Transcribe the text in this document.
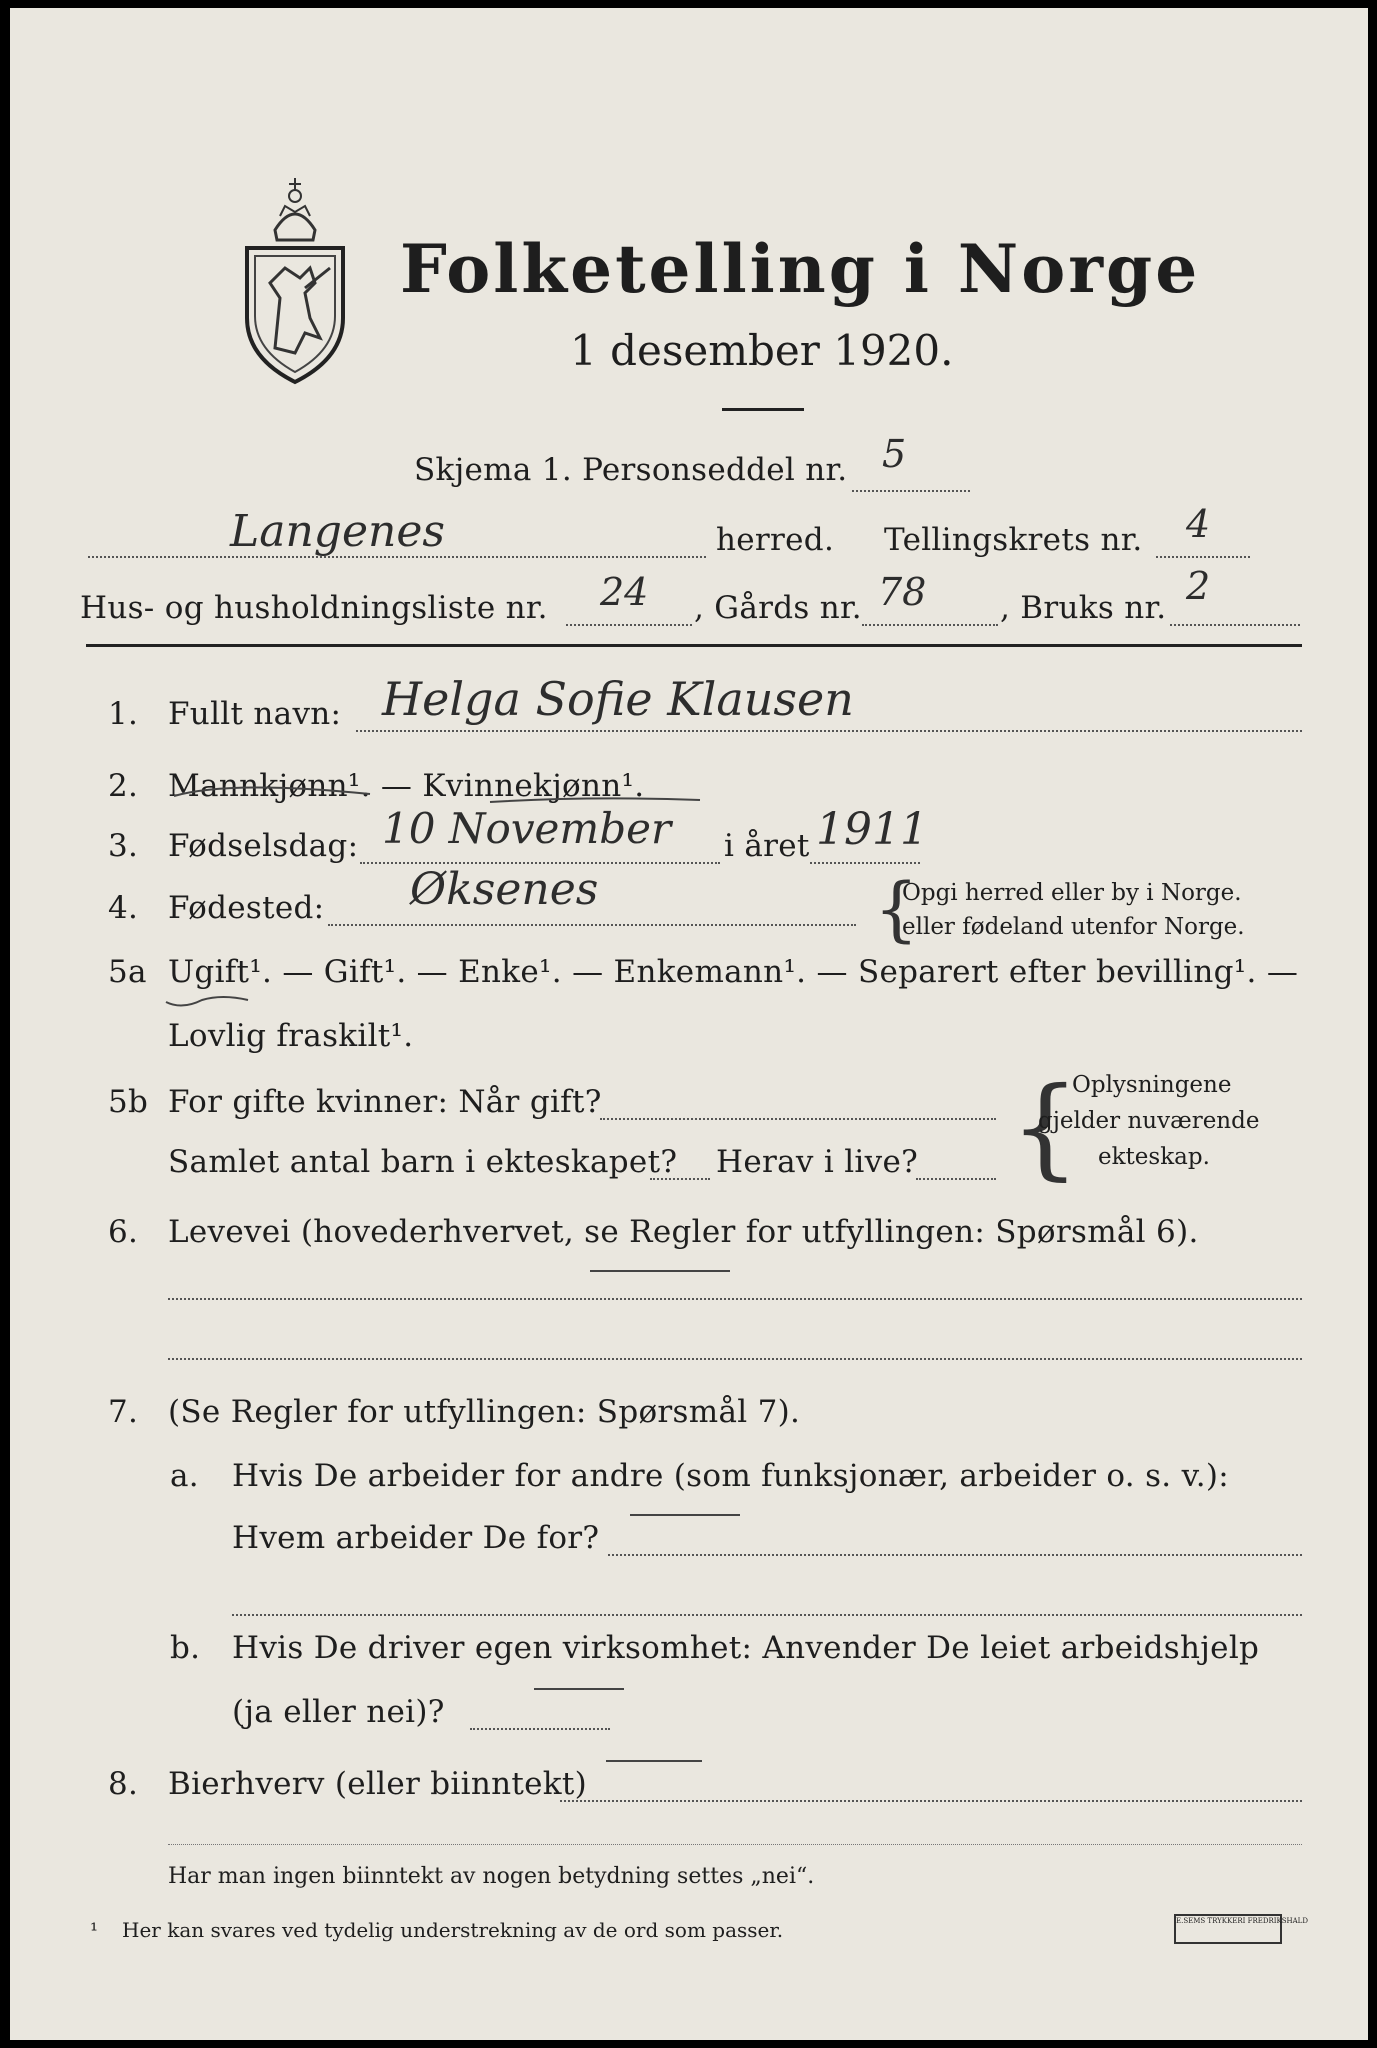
Folketelling i Norge
1 desember 1920.
Skjema 1. Personseddel nr. 5
Langenes	herred. Tellingskrets nr. 4
Hus- og husholdningsliste nr. 24 , Gårds nr. 78 , Bruks nr. 2
1. Fullt navn: Helga Sofie Klausen
2. Mannkjønn¹. — Kvinnekjønn¹.
3. Fødselsdag: 10 November i året 1911
4. Fødested: Øksenes	{
Opgi herred eller by i Norge.
eller fødeland utenfor Norge.
5a Ugift¹. — Gift¹. — Enke¹. — Enkemann¹. — Separert efter bevilling¹. —
Lovlig fraskilt¹.
5b For gifte kvinner: Når gift?
Samlet antal barn i ekteskapet? Herav i live? {
Oplysningene
gjelder nuværende
ekteskap.
6. Levevei (hovederhvervet, se Regler for utfyllingen: Spørsmål 6).
7. (Se Regler for utfyllingen: Spørsmål 7).
a. Hvis De arbeider for andre (som funksjonær, arbeider o. s. v.):
Hvem arbeider De for?
b. Hvis De driver egen virksomhet: Anvender De leiet arbeidshjelp
(ja eller nei)?
8. Bierhverv (eller biinntekt)
Har man ingen biinntekt av nogen betydning settes „nei“.
¹ Her kan svares ved tydelig understrekning av de ord som passer.	E.SEMS TRYKKERI FREDRIKSHALD
